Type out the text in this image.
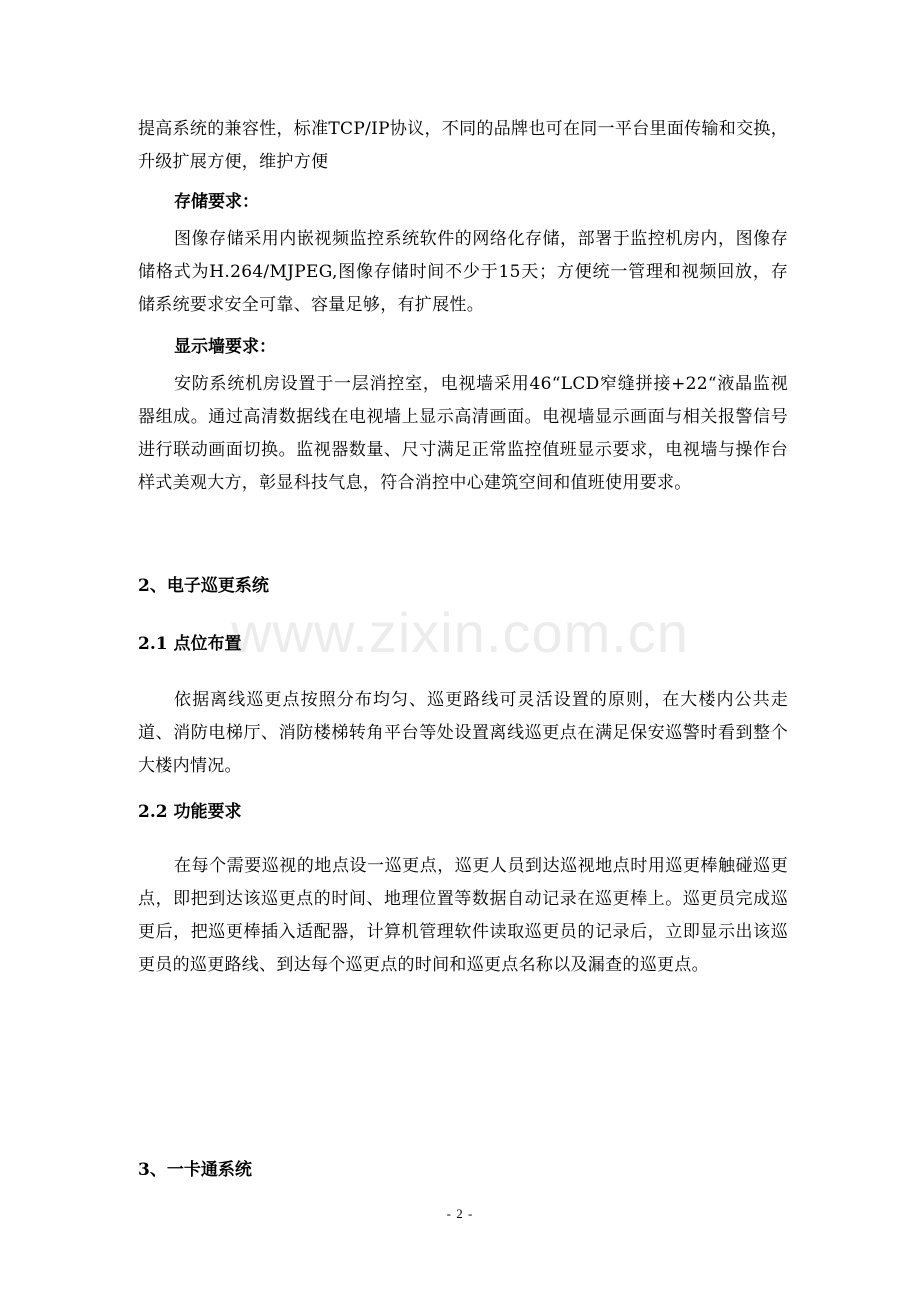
提高系统的兼容性，标准TCP/IP协议，不同的品牌也可在同一平台里面传输和交换，升级扩展方便，维护方便

存储要求：

图像存储采用内嵌视频监控系统软件的网络化存储，部署于监控机房内，图像存储格式为H.264/MJPEG,图像存储时间不少于15天；方便统一管理和视频回放，存储系统要求安全可靠、容量足够，有扩展性。

显示墙要求：

安防系统机房设置于一层消控室，电视墙采用46“LCD窄缝拼接+22“液晶监视器组成。通过高清数据线在电视墙上显示高清画面。电视墙显示画面与相关报警信号进行联动画面切换。监视器数量、尺寸满足正常监控值班显示要求，电视墙与操作台样式美观大方，彰显科技气息，符合消控中心建筑空间和值班使用要求。

2、电子巡更系统

2.1 点位布置

依据离线巡更点按照分布均匀、巡更路线可灵活设置的原则，在大楼内公共走道、消防电梯厅、消防楼梯转角平台等处设置离线巡更点在满足保安巡警时看到整个大楼内情况。

2.2 功能要求

在每个需要巡视的地点设一巡更点，巡更人员到达巡视地点时用巡更棒触碰巡更点，即把到达该巡更点的时间、地理位置等数据自动记录在巡更棒上。巡更员完成巡更后，把巡更棒插入适配器，计算机管理软件读取巡更员的记录后，立即显示出该巡更员的巡更路线、到达每个巡更点的时间和巡更点名称以及漏查的巡更点。

3、一卡通系统

www.zixin.com.cn
- 2 -
